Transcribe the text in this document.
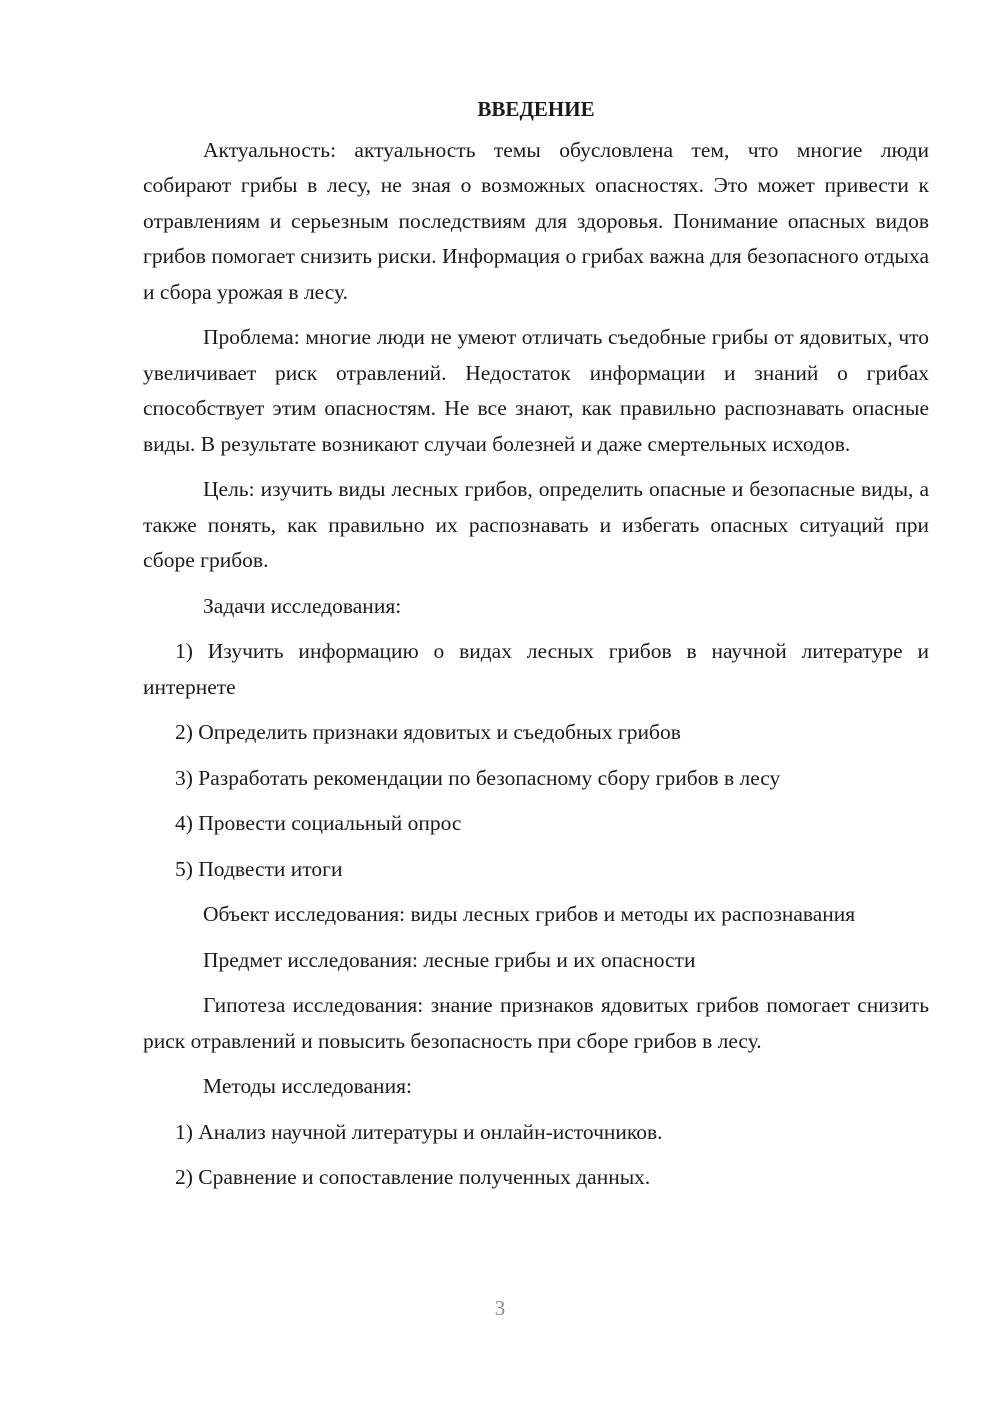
ВВЕДЕНИЕ

Актуальность: актуальность темы обусловлена тем, что многие люди собирают грибы в лесу, не зная о возможных опасностях. Это может привести к отравлениям и серьезным последствиям для здоровья. Понимание опасных видов грибов помогает снизить риски. Информация о грибах важна для безопасного отдыха и сбора урожая в лесу.

Проблема: многие люди не умеют отличать съедобные грибы от ядовитых, что увеличивает риск отравлений. Недостаток информации и знаний о грибах способствует этим опасностям. Не все знают, как правильно распознавать опасные виды. В результате возникают случаи болезней и даже смертельных исходов.

Цель: изучить виды лесных грибов, определить опасные и безопасные виды, а также понять, как правильно их распознавать и избегать опасных ситуаций при сборе грибов.

Задачи исследования:

1) Изучить информацию о видах лесных грибов в научной литературе и интернете

2) Определить признаки ядовитых и съедобных грибов

3) Разработать рекомендации по безопасному сбору грибов в лесу

4) Провести социальный опрос

5) Подвести итоги

Объект исследования: виды лесных грибов и методы их распознавания

Предмет исследования: лесные грибы и их опасности

Гипотеза исследования: знание признаков ядовитых грибов помогает снизить риск отравлений и повысить безопасность при сборе грибов в лесу.

Методы исследования:

1) Анализ научной литературы и онлайн-источников.

2) Сравнение и сопоставление полученных данных.

3
